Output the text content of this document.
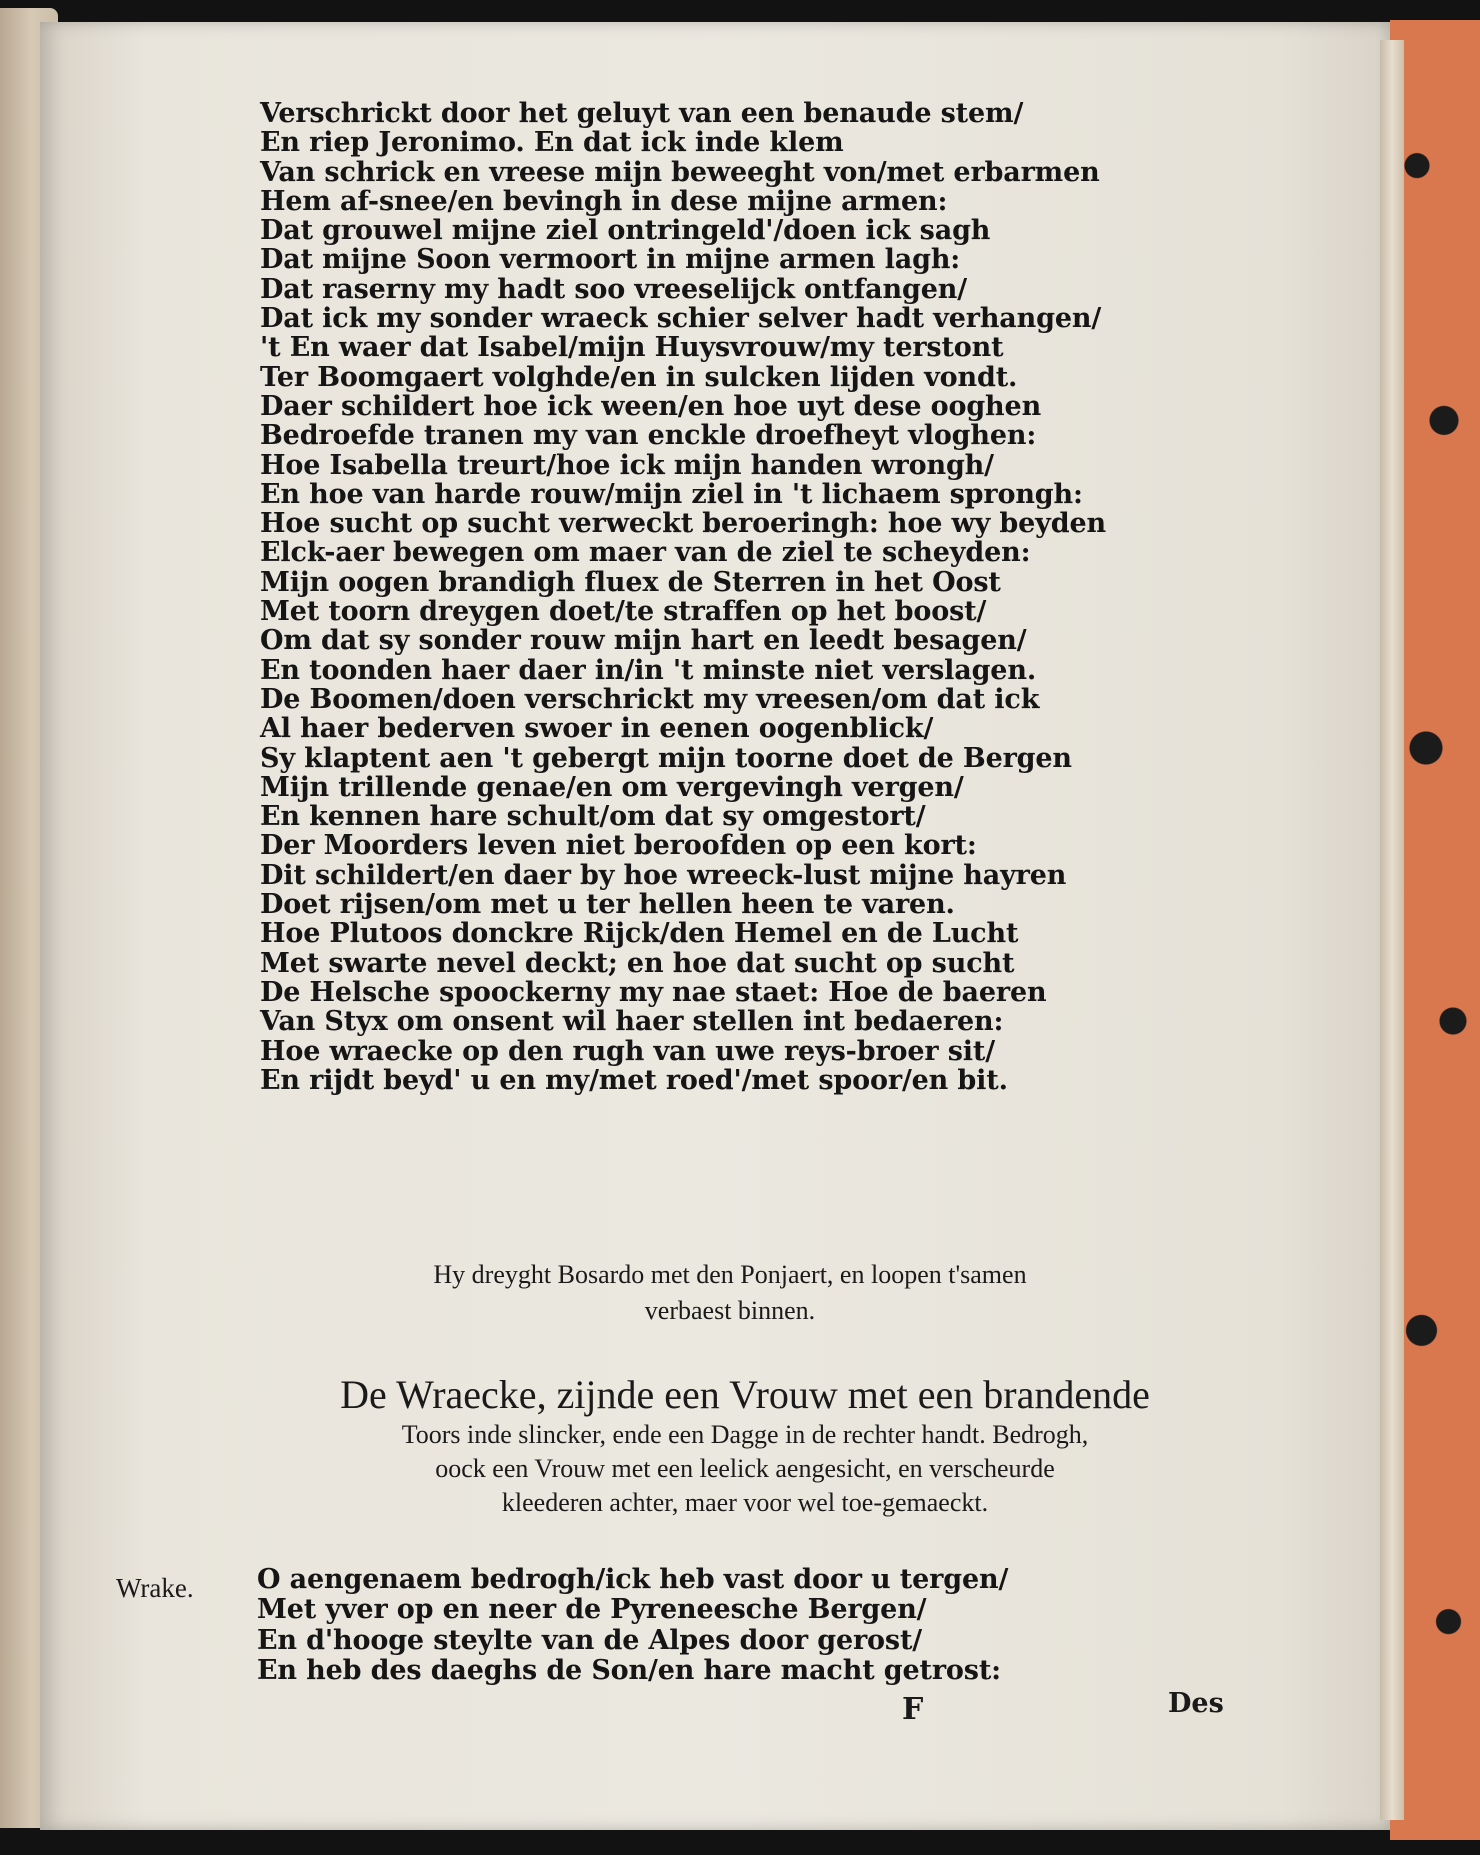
Verschrickt door het geluyt van een benaude stem/
En riep Jeronimo. En dat ick inde klem
Van schrick en vreese mijn beweeght von/met erbarmen
Hem af-snee/en bevingh in dese mijne armen:
Dat grouwel mijne ziel ontringeld'/doen ick sagh
Dat mijne Soon vermoort in mijne armen lagh:
Dat raserny my hadt soo vreeselijck ontfangen/
Dat ick my sonder wraeck schier selver hadt verhangen/
't En waer dat Isabel/mijn Huysvrouw/my terstont
Ter Boomgaert volghde/en in sulcken lijden vondt.
Daer schildert hoe ick ween/en hoe uyt dese ooghen
Bedroefde tranen my van enckle droefheyt vloghen:
Hoe Isabella treurt/hoe ick mijn handen wrongh/
En hoe van harde rouw/mijn ziel in 't lichaem sprongh:
Hoe sucht op sucht verweckt beroeringh: hoe wy beyden
Elck-aer bewegen om maer van de ziel te scheyden:
Mijn oogen brandigh fluex de Sterren in het Oost
Met toorn dreygen doet/te straffen op het boost/
Om dat sy sonder rouw mijn hart en leedt besagen/
En toonden haer daer in/in 't minste niet verslagen.
De Boomen/doen verschrickt my vreesen/om dat ick
Al haer bederven swoer in eenen oogenblick/
Sy klaptent aen 't gebergt mijn toorne doet de Bergen
Mijn trillende genae/en om vergevingh vergen/
En kennen hare schult/om dat sy omgestort/
Der Moorders leven niet beroofden op een kort:
Dit schildert/en daer by hoe wreeck-lust mijne hayren
Doet rijsen/om met u ter hellen heen te varen.
Hoe Plutoos donckre Rijck/den Hemel en de Lucht
Met swarte nevel deckt; en hoe dat sucht op sucht
De Helsche spoockerny my nae staet: Hoe de baeren
Van Styx om onsent wil haer stellen int bedaeren:
Hoe wraecke op den rugh van uwe reys-broer sit/
En rijdt beyd' u en my/met roed'/met spoor/en bit.
Hy dreyght Bosardo met den Ponjaert, en loopen t'samen
verbaest binnen.
De Wraecke, zijnde een Vrouw met een brandende
Toors inde slincker, ende een Dagge in de rechter handt. Bedrogh,
oock een Vrouw met een leelick aengesicht, en verscheurde
kleederen achter, maer voor wel toe-gemaeckt.
Wrake. O aengenaem bedrogh/ick heb vast door u tergen/
Met yver op en neer de Pyreneesche Bergen/
En d'hooge steylte van de Alpes door gerost/
En heb des daeghs de Son/en hare macht getrost:
F	Des
